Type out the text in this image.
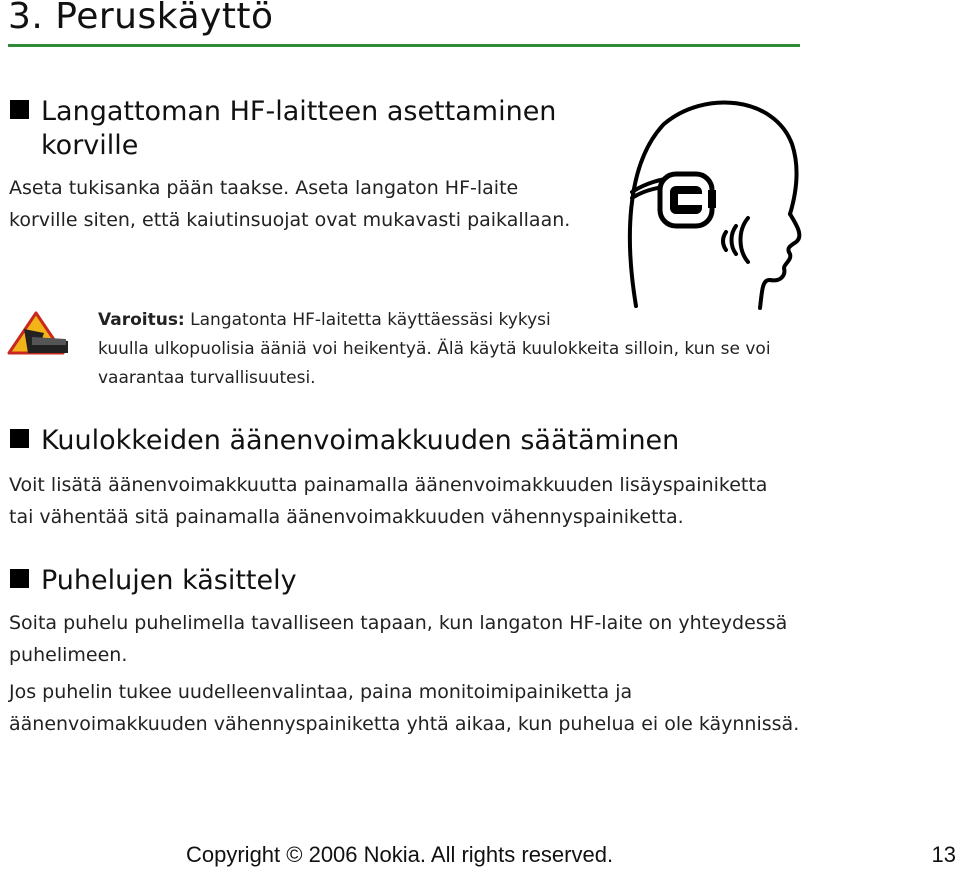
3. Peruskäyttö
Langattoman HF-laitteen asettaminen
korville

Aseta tukisanka pään taakse. Aseta langaton HF-laite
korville siten, että kaiutinsuojat ovat mukavasti paikallaan.

Varoitus: Langatonta HF-laitetta käyttäessäsi kykysi
kuulla ulkopuolisia ääniä voi heikentyä. Älä käytä kuulokkeita silloin, kun se voi
vaarantaa turvallisuutesi.

Kuulokkeiden äänenvoimakkuuden säätäminen

Voit lisätä äänenvoimakkuutta painamalla äänenvoimakkuuden lisäyspainiketta
tai vähentää sitä painamalla äänenvoimakkuuden vähennyspainiketta.

Puhelujen käsittely

Soita puhelu puhelimella tavalliseen tapaan, kun langaton HF-laite on yhteydessä
puhelimeen.

Jos puhelin tukee uudelleenvalintaa, paina monitoimipainiketta ja
äänenvoimakkuuden vähennyspainiketta yhtä aikaa, kun puhelua ei ole käynnissä.

Copyright © 2006 Nokia. All rights reserved.	13
